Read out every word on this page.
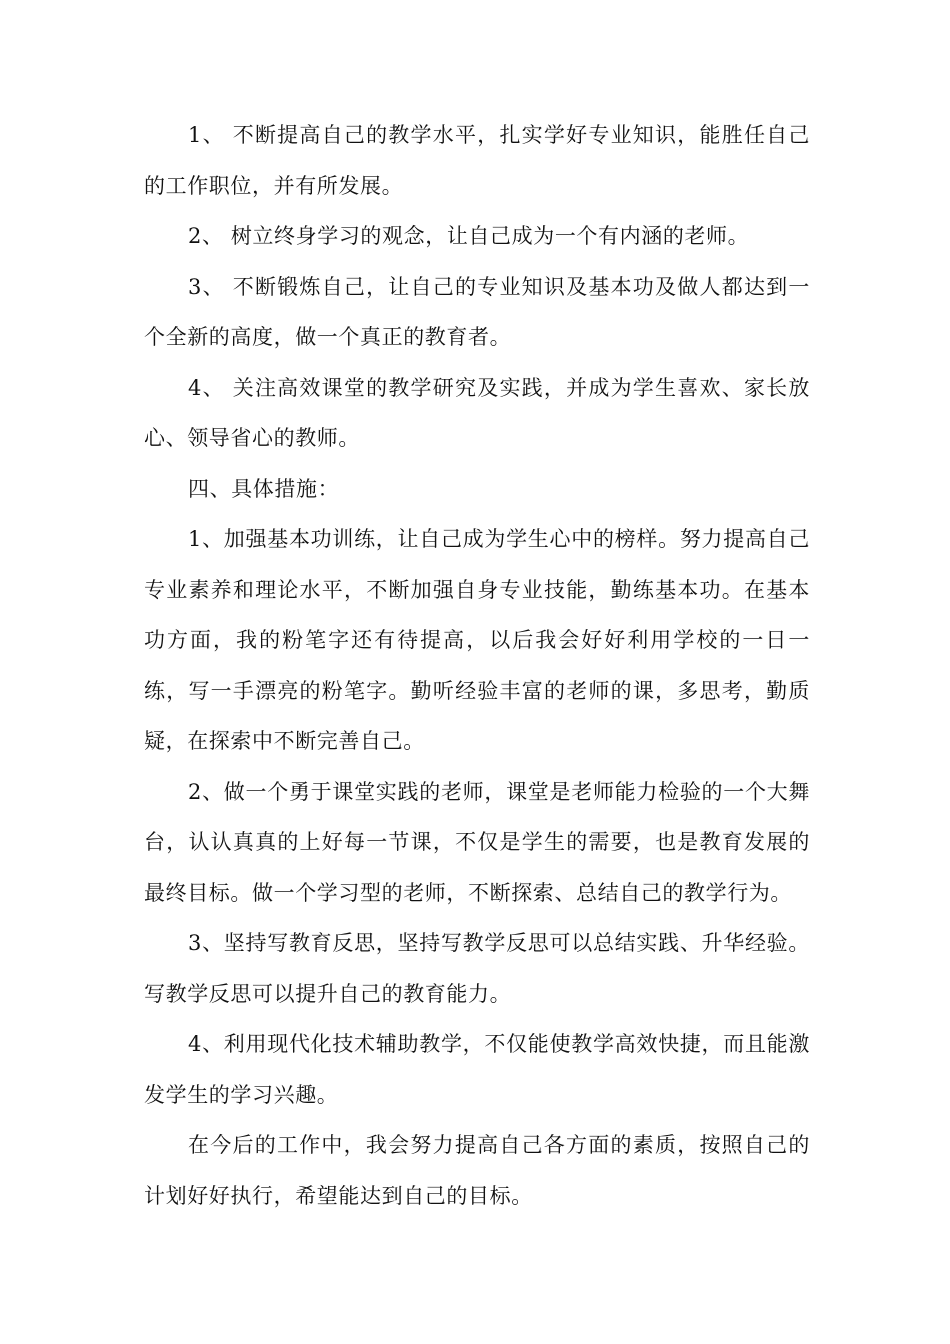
1、 不断提高自己的教学水平，扎实学好专业知识，能胜任自己的工作职位，并有所发展。

2、 树立终身学习的观念，让自己成为一个有内涵的老师。

3、 不断锻炼自己，让自己的专业知识及基本功及做人都达到一个全新的高度，做一个真正的教育者。

4、 关注高效课堂的教学研究及实践，并成为学生喜欢、家长放心、领导省心的教师。

四、具体措施：

1、加强基本功训练，让自己成为学生心中的榜样。努力提高自己专业素养和理论水平，不断加强自身专业技能，勤练基本功。在基本功方面，我的粉笔字还有待提高，以后我会好好利用学校的一日一练，写一手漂亮的粉笔字。勤听经验丰富的老师的课，多思考，勤质疑，在探索中不断完善自己。

2、做一个勇于课堂实践的老师，课堂是老师能力检验的一个大舞台，认认真真的上好每一节课，不仅是学生的需要，也是教育发展的最终目标。做一个学习型的老师，不断探索、总结自己的教学行为。

3、坚持写教育反思，坚持写教学反思可以总结实践、升华经验。写教学反思可以提升自己的教育能力。

4、利用现代化技术辅助教学，不仅能使教学高效快捷，而且能激发学生的学习兴趣。

在今后的工作中，我会努力提高自己各方面的素质，按照自己的计划好好执行，希望能达到自己的目标。
